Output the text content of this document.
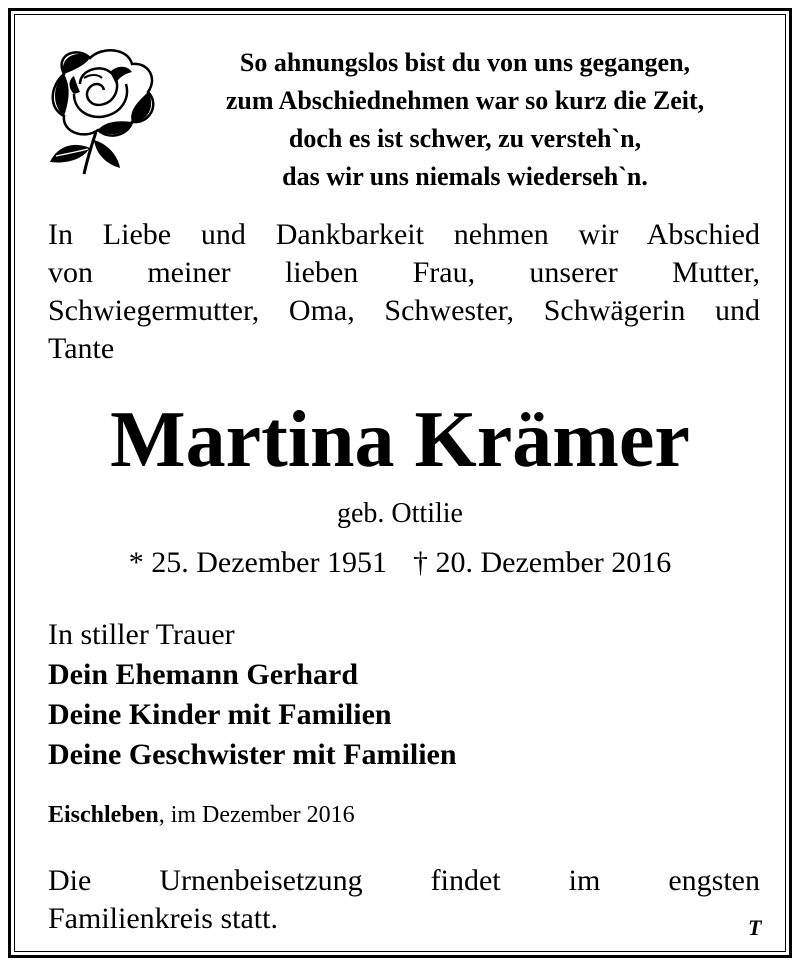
So ahnungslos bist du von uns gegangen,
zum Abschiednehmen war so kurz die Zeit,
doch es ist schwer, zu versteh`n,
das wir uns niemals wiederseh`n.
In Liebe und Dankbarkeit nehmen wir Abschied
von meiner lieben Frau, unserer Mutter,
Schwiegermutter, Oma, Schwester, Schwägerin und
Tante
Martina Krämer
geb. Ottilie
* 25. Dezember 1951 † 20. Dezember 2016
In stiller Trauer
Dein Ehemann Gerhard
Deine Kinder mit Familien
Deine Geschwister mit Familien
Eischleben, im Dezember 2016
Die Urnenbeisetzung findet im engsten
Familienkreis statt.	T
